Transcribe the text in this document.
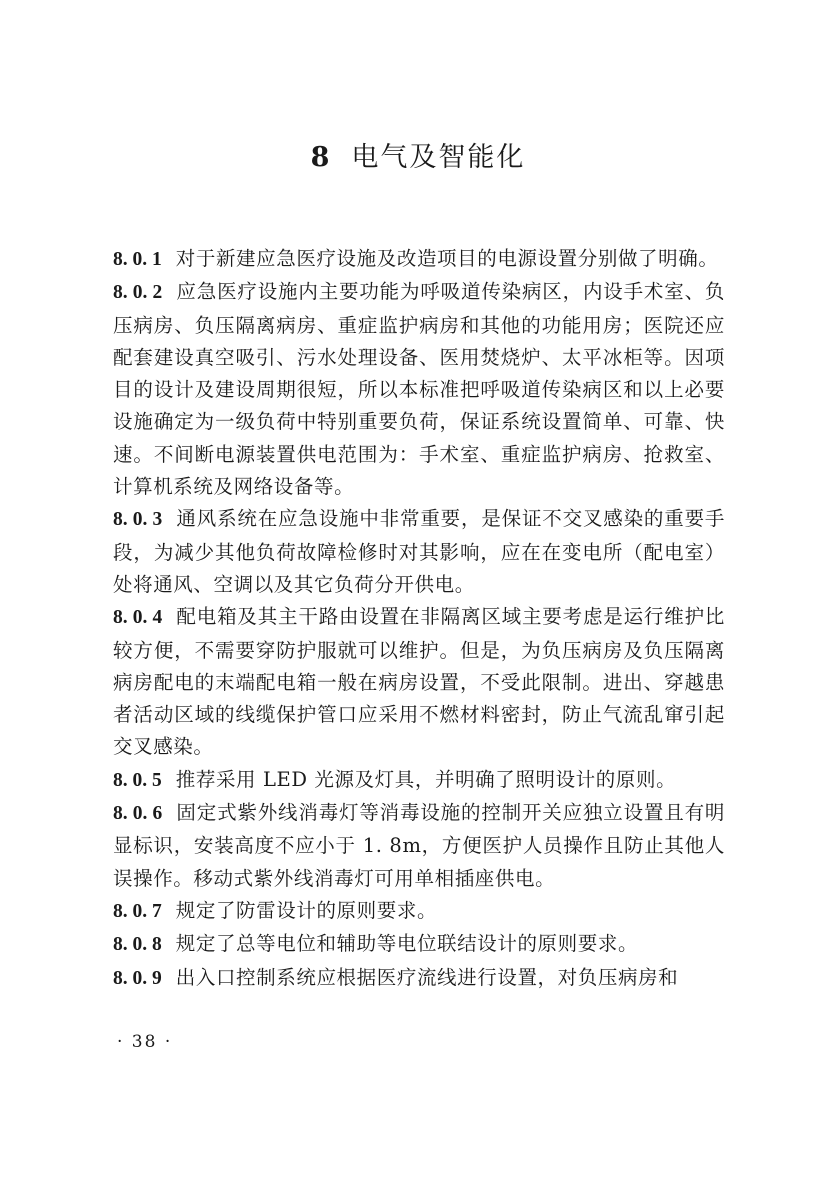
8 电气及智能化

8. 0. 1 对于新建应急医疗设施及改造项目的电源设置分别做了明确。

8. 0. 2 应急医疗设施内主要功能为呼吸道传染病区，内设手术室、负压病房、负压隔离病房、重症监护病房和其他的功能用房；医院还应配套建设真空吸引、污水处理设备、医用焚烧炉、太平冰柜等。因项目的设计及建设周期很短，所以本标准把呼吸道传染病区和以上必要设施确定为一级负荷中特别重要负荷，保证系统设置简单、可靠、快速。不间断电源装置供电范围为：手术室、重症监护病房、抢救室、计算机系统及网络设备等。

8. 0. 3 通风系统在应急设施中非常重要，是保证不交叉感染的重要手段，为减少其他负荷故障检修时对其影响，应在在变电所（配电室）处将通风、空调以及其它负荷分开供电。

8. 0. 4 配电箱及其主干路由设置在非隔离区域主要考虑是运行维护比较方便，不需要穿防护服就可以维护。但是，为负压病房及负压隔离病房配电的末端配电箱一般在病房设置，不受此限制。进出、穿越患者活动区域的线缆保护管口应采用不燃材料密封，防止气流乱窜引起交叉感染。

8. 0. 5 推荐采用 LED 光源及灯具，并明确了照明设计的原则。

8. 0. 6 固定式紫外线消毒灯等消毒设施的控制开关应独立设置且有明显标识，安装高度不应小于 1. 8m，方便医护人员操作且防止其他人误操作。移动式紫外线消毒灯可用单相插座供电。

8. 0. 7 规定了防雷设计的原则要求。

8. 0. 8 规定了总等电位和辅助等电位联结设计的原则要求。

8. 0. 9 出入口控制系统应根据医疗流线进行设置，对负压病房和

· 38 ·
